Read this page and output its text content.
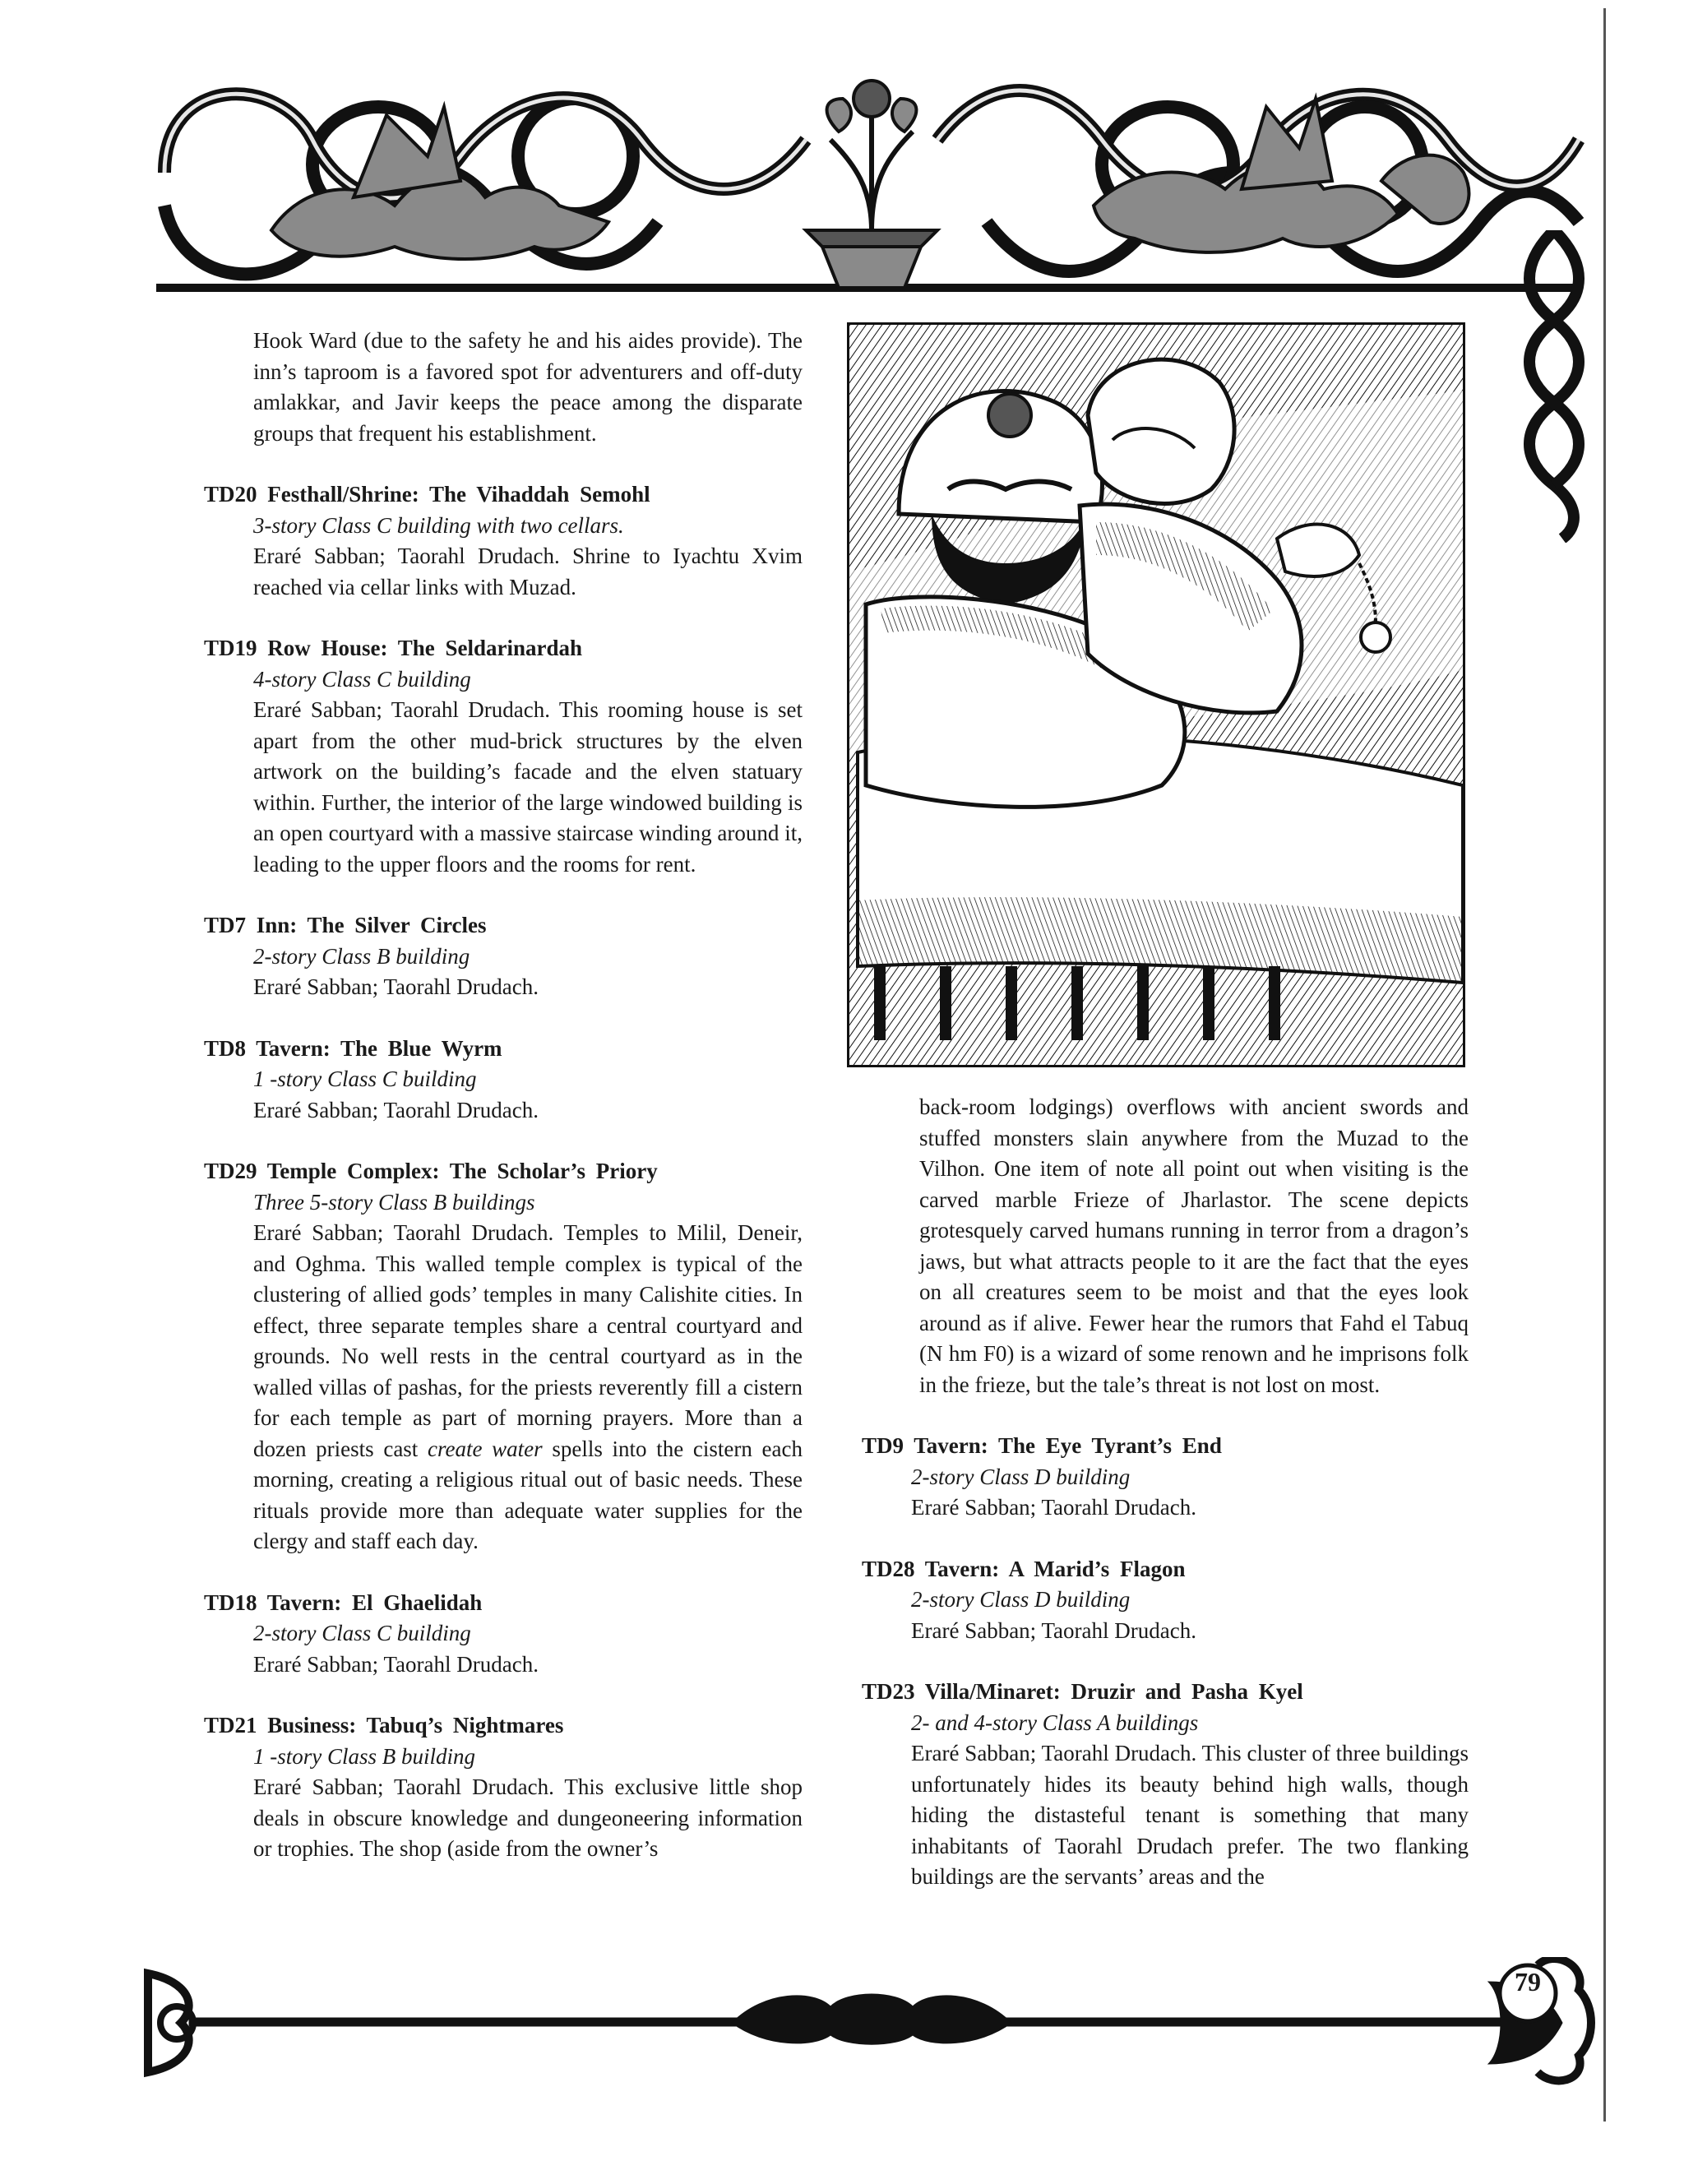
Hook Ward (due to the safety he and his aides provide). The inn’s taproom is a favored spot for adventurers and off-duty amlakkar, and Javir keeps the peace among the disparate groups that frequent his establishment.
TD20 Festhall/Shrine: The Vihaddah Semohl
3-story Class C building with two cellars.
Eraré Sabban; Taorahl Drudach. Shrine to Iyachtu Xvim reached via cellar links with Muzad.
TD19 Row House: The Seldarinardah
4-story Class C building
Eraré Sabban; Taorahl Drudach. This rooming house is set apart from the other mud-brick structures by the elven artwork on the building’s facade and the elven statuary within. Further, the interior of the large windowed building is an open courtyard with a massive staircase winding around it, leading to the upper floors and the rooms for rent.
TD7 Inn: The Silver Circles
2-story Class B building
Eraré Sabban; Taorahl Drudach.
TD8 Tavern: The Blue Wyrm
1 -story Class C building
Eraré Sabban; Taorahl Drudach.
TD29 Temple Complex: The Scholar’s Priory
Three 5-story Class B buildings
Eraré Sabban; Taorahl Drudach. Temples to Milil, Deneir, and Oghma. This walled temple complex is typical of the clustering of allied gods’ temples in many Calishite cities. In effect, three separate temples share a central courtyard and grounds. No well rests in the central courtyard as in the walled villas of pashas, for the priests reverently fill a cistern for each temple as part of morning prayers. More than a dozen priests cast create water spells into the cistern each morning, creating a religious ritual out of basic needs. These rituals provide more than adequate water supplies for the clergy and staff each day.
TD18 Tavern: El Ghaelidah
2-story Class C building
Eraré Sabban; Taorahl Drudach.
TD21 Business: Tabuq’s Nightmares
1 -story Class B building
Eraré Sabban; Taorahl Drudach. This exclusive little shop deals in obscure knowledge and dungeoneering information or trophies. The shop (aside from the owner’s
back-room lodgings) overflows with ancient swords and stuffed monsters slain anywhere from the Muzad to the Vilhon. One item of note all point out when visiting is the carved marble Frieze of Jharlastor. The scene depicts grotesquely carved humans running in terror from a dragon’s jaws, but what attracts people to it are the fact that the eyes on all creatures seem to be moist and that the eyes look around as if alive. Fewer hear the rumors that Fahd el Tabuq (N hm F0) is a wizard of some renown and he imprisons folk in the frieze, but the tale’s threat is not lost on most.
TD9 Tavern: The Eye Tyrant’s End
2-story Class D building
Eraré Sabban; Taorahl Drudach.
TD28 Tavern: A Marid’s Flagon
2-story Class D building
Eraré Sabban; Taorahl Drudach.
TD23 Villa/Minaret: Druzir and Pasha Kyel
2- and 4-story Class A buildings
Eraré Sabban; Taorahl Drudach. This cluster of three buildings unfortunately hides its beauty behind high walls, though hiding the distasteful tenant is something that many inhabitants of Taorahl Drudach prefer. The two flanking buildings are the servants’ areas and the
79
